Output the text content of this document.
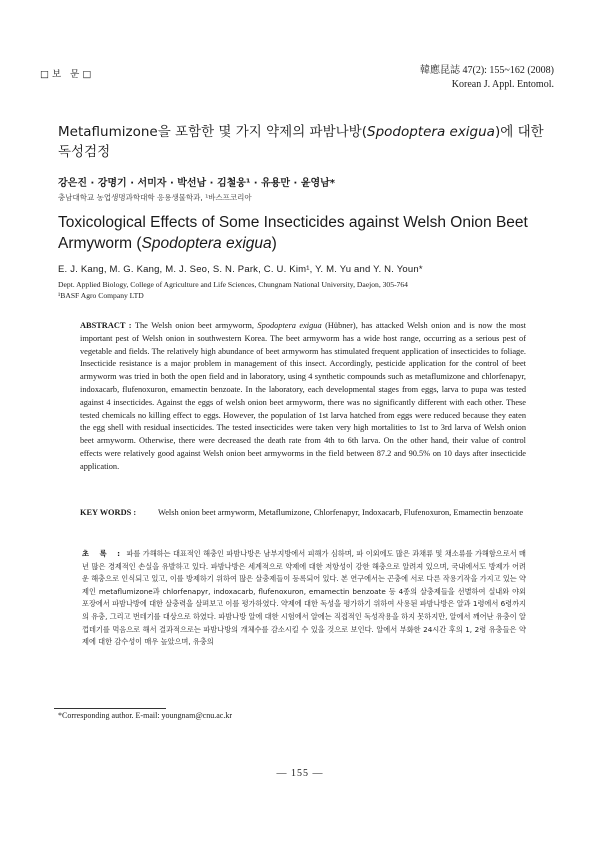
□보 문□	韓應昆誌 47(2): 155~162 (2008)
Korean J. Appl. Entomol.
Metaflumizone을 포함한 몇 가지 약제의 파밤나방(Spodoptera exigua)에 대한 독성검정
강은진 · 강명기 · 서미자 · 박선남 · 김철웅¹ · 유용만 · 윤영남*
충남대학교 농업생명과학대학 응용생물학과, ¹바스프코리아
Toxicological Effects of Some Insecticides against Welsh Onion Beet Armyworm (Spodoptera exigua)
E. J. Kang, M. G. Kang, M. J. Seo, S. N. Park, C. U. Kim¹, Y. M. Yu and Y. N. Youn*
Dept. Applied Biology, College of Agriculture and Life Sciences, Chungnam National University, Daejon, 305-764
¹BASF Agro Company LTD
ABSTRACT : The Welsh onion beet armyworm, Spodoptera exigua (Hübner), has attacked Welsh onion and is now the most important pest of Welsh onion in southwestern Korea. The beet armyworm has a wide host range, occurring as a serious pest of vegetable and fields. The relatively high abundance of beet armyworm has stimulated frequent application of insecticides to foliage. Insecticide resistance is a major problem in management of this insect. Accordingly, pesticide application for the control of beet armyworm was tried in both the open field and in laboratory, using 4 synthetic compounds such as metaflumizone and chlorfenapyr, indoxacarb, flufenoxuron, emamectin benzoate. In the laboratory, each developmental stages from eggs, larva to pupa was tested against 4 insecticides. Against the eggs of welsh onion beet armyworm, there was no significantly different with each other. These tested chemicals no killing effect to eggs. However, the population of 1st larva hatched from eggs were reduced because they eaten the egg shell with residual insecticides. The tested insecticides were taken very high mortalities to 1st to 3rd larva of Welsh onion beet armyworm. Otherwise, there were decreased the death rate from 4th to 6th larva. On the other hand, their value of control effects were relatively good against Welsh onion beet armyworms in the field between 87.2 and 90.5% on 10 days after insecticide application.
KEY WORDS :	Welsh onion beet armyworm, Metaflumizone, Chlorfenapyr, Indoxacarb, Flufenoxuron, Emamectin benzoate
초 록 : 파를 가해하는 대표적인 해충인 파밤나방은 남부지방에서 피해가 심하며, 파 이외에도 많은 과채류 및 채소류를 가해함으로서 매년 많은 경제적인 손실을 유발하고 있다. 파밤나방은 세계적으로 약제에 대한 저항성이 강한 해충으로 알려져 있으며, 국내에서도 방제가 어려운 해충으로 인식되고 있고, 이를 방제하기 위하여 많은 살충제들이 등록되어 있다. 본 연구에서는 곤충에 서로 다른 작용기작을 가지고 있는 약제인 metaflumizone과 chlorfenapyr, indoxacarb, flufenoxuron, emamectin benzoate 등 4종의 살충제들을 선별하여 실내와 야외 포장에서 파밤나방에 대한 살충력을 살펴보고 이를 평가하였다. 약제에 대한 독성을 평가하기 위하여 사용된 파밤나방은 알과 1령에서 6령까지의 유충, 그리고 번데기를 대상으로 하였다. 파밤나방 알에 대한 시험에서 알에는 직접적인 독성작용을 하지 못하지만, 알에서 깨어난 유충이 알껍데기를 먹음으로 해서 결과적으로는 파밤나방의 개체수를 감소시킬 수 있을 것으로 보인다. 알에서 부화한 24시간 후의 1, 2령 유충들은 약제에 대한 감수성이 매우 높았으며, 유충의
*Corresponding author. E-mail: youngnam@cnu.ac.kr
— 155 —
